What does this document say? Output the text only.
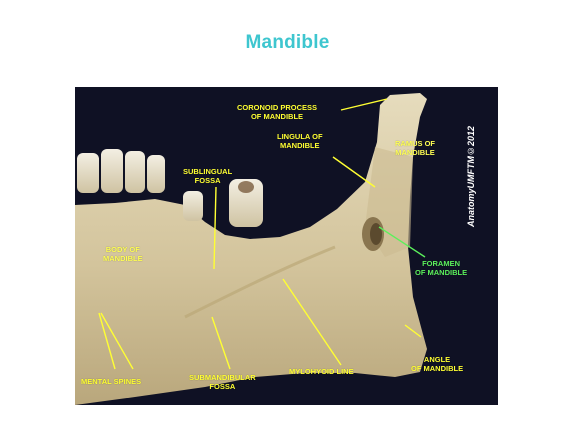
Mandible
CORONOID PROCESS
OF MANDIBLE
LINGULA OF
MANDIBLE	RAMUS OF
MANDIBLE
SUBLINGUAL
FOSSA
BODY OF
MANDIBLE
FORAMEN
OF MANDIBLE
MENTAL SPINES	SUBMANDIBULAR
FOSSA
MYLOHYOID LINE
ANGLE
OF MANDIBLE
AnatomyUMFTM©2012
